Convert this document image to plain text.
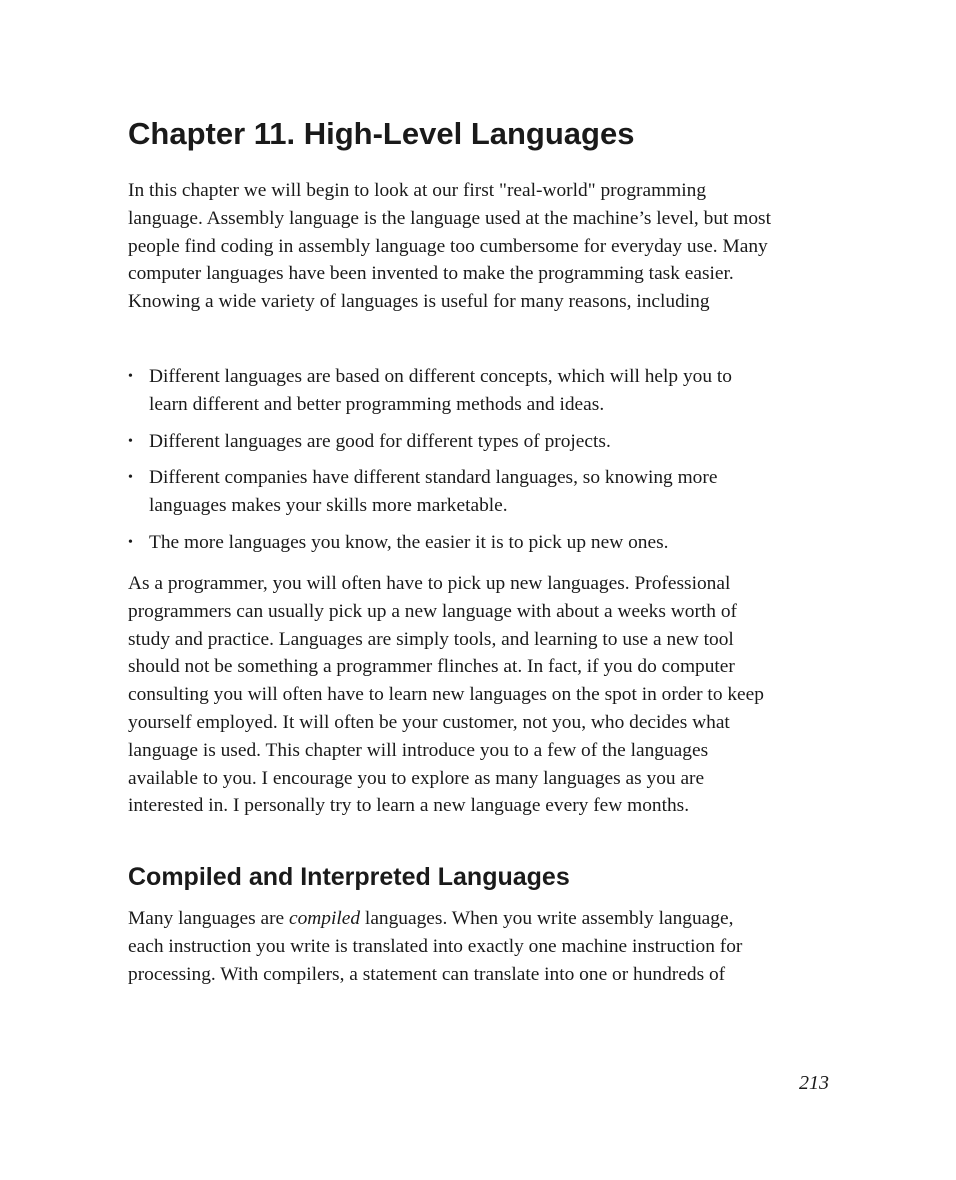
Chapter 11. High-Level Languages
In this chapter we will begin to look at our first "real-world" programming
language. Assembly language is the language used at the machine’s level, but most
people find coding in assembly language too cumbersome for everyday use. Many
computer languages have been invented to make the programming task easier.
Knowing a wide variety of languages is useful for many reasons, including
• Different languages are based on different concepts, which will help you to
learn different and better programming methods and ideas.
• Different languages are good for different types of projects.
• Different companies have different standard languages, so knowing more
languages makes your skills more marketable.
• The more languages you know, the easier it is to pick up new ones.
As a programmer, you will often have to pick up new languages. Professional
programmers can usually pick up a new language with about a weeks worth of
study and practice. Languages are simply tools, and learning to use a new tool
should not be something a programmer flinches at. In fact, if you do computer
consulting you will often have to learn new languages on the spot in order to keep
yourself employed. It will often be your customer, not you, who decides what
language is used. This chapter will introduce you to a few of the languages
available to you. I encourage you to explore as many languages as you are
interested in. I personally try to learn a new language every few months.
Compiled and Interpreted Languages
Many languages are compiled languages. When you write assembly language,
each instruction you write is translated into exactly one machine instruction for
processing. With compilers, a statement can translate into one or hundreds of

213
